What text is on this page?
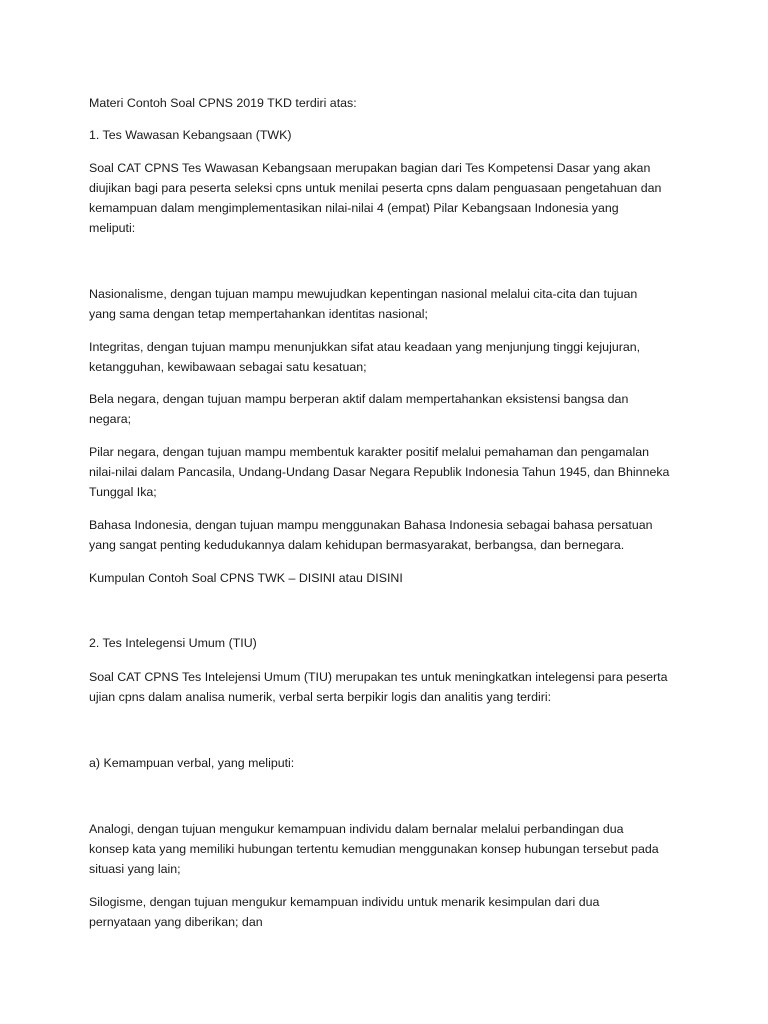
Materi Contoh Soal CPNS 2019 TKD terdiri atas:

1. Tes Wawasan Kebangsaan (TWK)

Soal CAT CPNS Tes Wawasan Kebangsaan merupakan bagian dari Tes Kompetensi Dasar yang akan

diujikan bagi para peserta seleksi cpns untuk menilai peserta cpns dalam penguasaan pengetahuan dan

kemampuan dalam mengimplementasikan nilai-nilai 4 (empat) Pilar Kebangsaan Indonesia yang

meliputi:

Nasionalisme, dengan tujuan mampu mewujudkan kepentingan nasional melalui cita-cita dan tujuan

yang sama dengan tetap mempertahankan identitas nasional;

Integritas, dengan tujuan mampu menunjukkan sifat atau keadaan yang menjunjung tinggi kejujuran,

ketangguhan, kewibawaan sebagai satu kesatuan;

Bela negara, dengan tujuan mampu berperan aktif dalam mempertahankan eksistensi bangsa dan

negara;

Pilar negara, dengan tujuan mampu membentuk karakter positif melalui pemahaman dan pengamalan

nilai-nilai dalam Pancasila, Undang-Undang Dasar Negara Republik Indonesia Tahun 1945, dan Bhinneka

Tunggal Ika;

Bahasa Indonesia, dengan tujuan mampu menggunakan Bahasa Indonesia sebagai bahasa persatuan

yang sangat penting kedudukannya dalam kehidupan bermasyarakat, berbangsa, dan bernegara.

Kumpulan Contoh Soal CPNS TWK – DISINI atau DISINI

2. Tes Intelegensi Umum (TIU)

Soal CAT CPNS Tes Intelejensi Umum (TIU) merupakan tes untuk meningkatkan intelegensi para peserta

ujian cpns dalam analisa numerik, verbal serta berpikir logis dan analitis yang terdiri:

a) Kemampuan verbal, yang meliputi:

Analogi, dengan tujuan mengukur kemampuan individu dalam bernalar melalui perbandingan dua

konsep kata yang memiliki hubungan tertentu kemudian menggunakan konsep hubungan tersebut pada

situasi yang lain;

Silogisme, dengan tujuan mengukur kemampuan individu untuk menarik kesimpulan dari dua

pernyataan yang diberikan; dan
